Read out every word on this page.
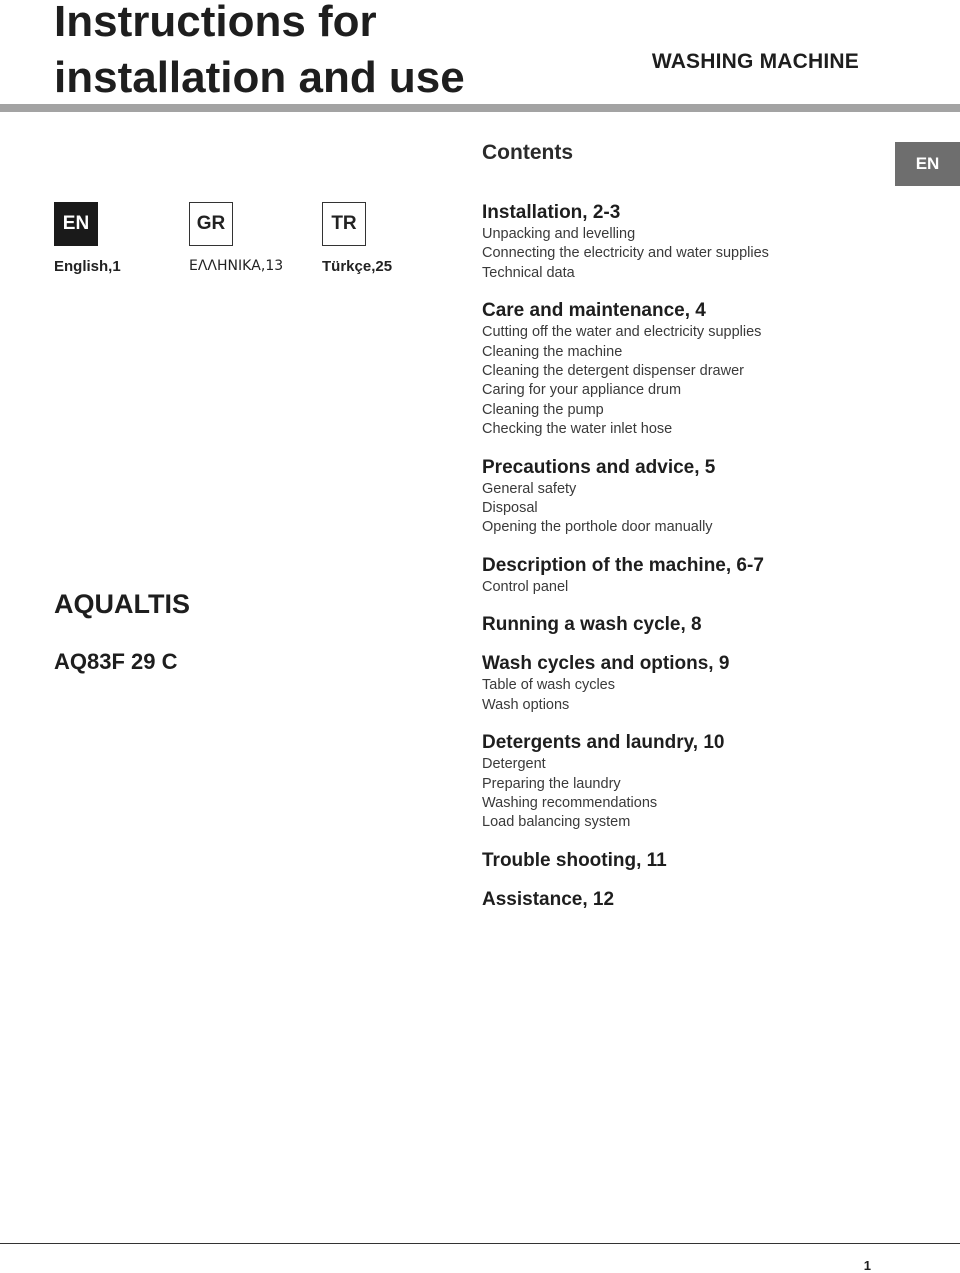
Instructions for
installation and use	WASHING MACHINE
Contents	EN
EN
English,1
GR
ΕΛΛΗΝΙΚΑ,13
TR
Türkçe,25
AQUALTIS
AQ83F 29 C
Installation, 2-3
Unpacking and levelling
Connecting the electricity and water supplies
Technical data
Care and maintenance, 4
Cutting off the water and electricity supplies
Cleaning the machine
Cleaning the detergent dispenser drawer
Caring for your appliance drum
Cleaning the pump
Checking the water inlet hose
Precautions and advice, 5
General safety
Disposal
Opening the porthole door manually
Description of the machine, 6-7
Control panel
Running a wash cycle, 8
Wash cycles and options, 9
Table of wash cycles
Wash options
Detergents and laundry, 10
Detergent
Preparing the laundry
Washing recommendations
Load balancing system
Trouble shooting, 11
Assistance, 12
1
